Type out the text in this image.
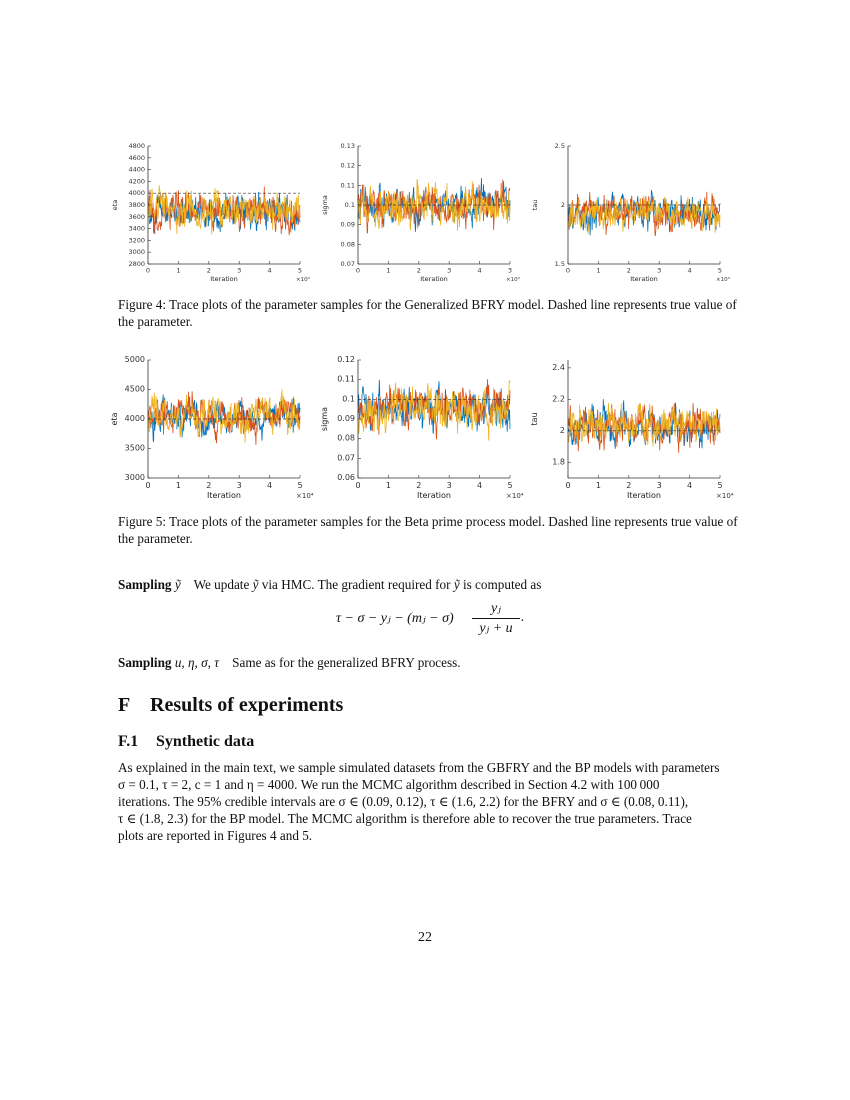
2800
3000
3200
3400
3600
3800
4000
4200
4400
4600
4800
0	1	2	3	4	5
Iteration	×10⁴
eta
0.07
0.08
0.09
0.1
0.11
0.12
0.13
0	1	2	3	4	3
Iteration	×10⁴
sigma
1.5
2
2.5
0	1	2	3	4	5
Iteration	×10⁴
tau
Figure 4: Trace plots of the parameter samples for the Generalized BFRY model. Dashed line represents true value of the parameter.
3000
3500
4000
4500
5000
0	1	2	3	4	5
Iteration	×10⁴
eta
0.06
0.07
0.08
0.09
0.1
0.11
0.12
0	1	2	3	4	5
Iteration	×10⁴
sigma
1.8
2
2.2
2.4
0	1	2	3	4	5
Iteration	×10⁴
tau
Figure 5: Trace plots of the parameter samples for the Beta prime process model. Dashed line represents true value of the parameter.
Sampling ỹ We update ỹ via HMC. The gradient required for ỹ is computed as
τ − σ − yⱼ − (mⱼ − $\sigma) \frac{\text{yⱼ}}{\text{yⱼ + u}}$ .
Sampling u, η, σ, τ Same as for the generalized BFRY process.
F Results of experiments
F.1 Synthetic data
As explained in the main text, we sample simulated datasets from the GBFRY and the BP models with parameters
σ = 0.1, τ = 2, c = 1 and η = 4000. We run the MCMC algorithm described in Section 4.2 with 100 000
iterations. The 95% credible intervals are σ ∈ (0.09, 0.12), τ ∈ (1.6, 2.2) for the BFRY and σ ∈ (0.08, 0.11),
τ ∈ (1.8, 2.3) for the BP model. The MCMC algorithm is therefore able to recover the true parameters. Trace
plots are reported in Figures 4 and 5.
22
